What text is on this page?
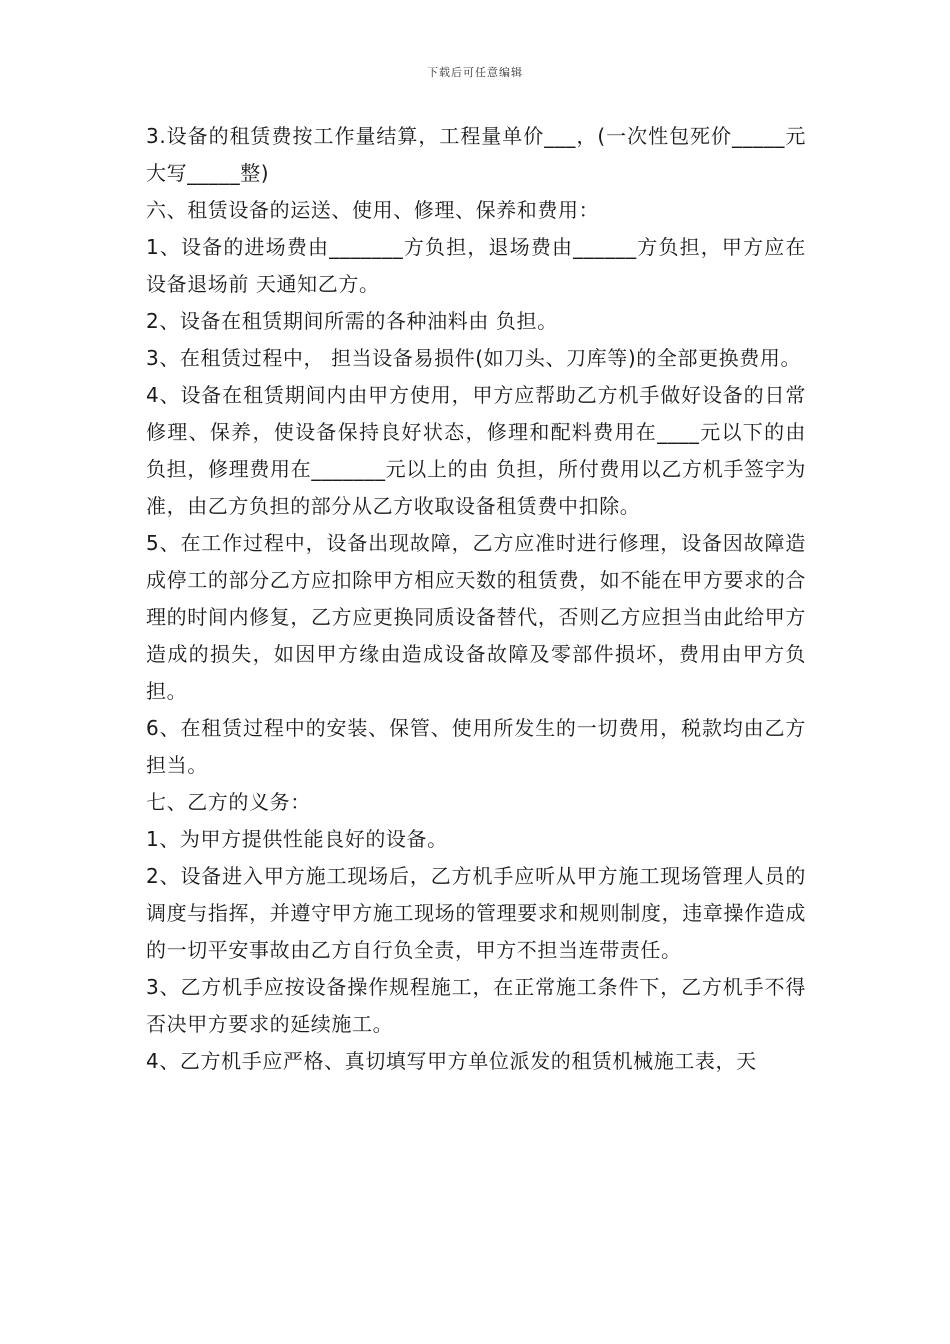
下载后可任意编辑

3.设备的租赁费按工作量结算，工程量单价___，(一次性包死价_____元大写_____整)

六、租赁设备的运送、使用、修理、保养和费用：

1、设备的进场费由_______方负担，退场费由______方负担，甲方应在设备退场前 天通知乙方。

2、设备在租赁期间所需的各种油料由 负担。

3、在租赁过程中， 担当设备易损件(如刀头、刀库等)的全部更换费用。

4、设备在租赁期间内由甲方使用，甲方应帮助乙方机手做好设备的日常修理、保养，使设备保持良好状态，修理和配料费用在____元以下的由 负担，修理费用在_______元以上的由 负担，所付费用以乙方机手签字为准，由乙方负担的部分从乙方收取设备租赁费中扣除。

5、在工作过程中，设备出现故障，乙方应准时进行修理，设备因故障造成停工的部分乙方应扣除甲方相应天数的租赁费，如不能在甲方要求的合理的时间内修复，乙方应更换同质设备替代，否则乙方应担当由此给甲方造成的损失，如因甲方缘由造成设备故障及零部件损坏，费用由甲方负担。

6、在租赁过程中的安装、保管、使用所发生的一切费用，税款均由乙方担当。

七、乙方的义务：

1、为甲方提供性能良好的设备。

2、设备进入甲方施工现场后，乙方机手应听从甲方施工现场管理人员的调度与指挥，并遵守甲方施工现场的管理要求和规则制度，违章操作造成的一切平安事故由乙方自行负全责，甲方不担当连带责任。

3、乙方机手应按设备操作规程施工，在正常施工条件下，乙方机手不得否决甲方要求的延续施工。

4、乙方机手应严格、真切填写甲方单位派发的租赁机械施工表，天
